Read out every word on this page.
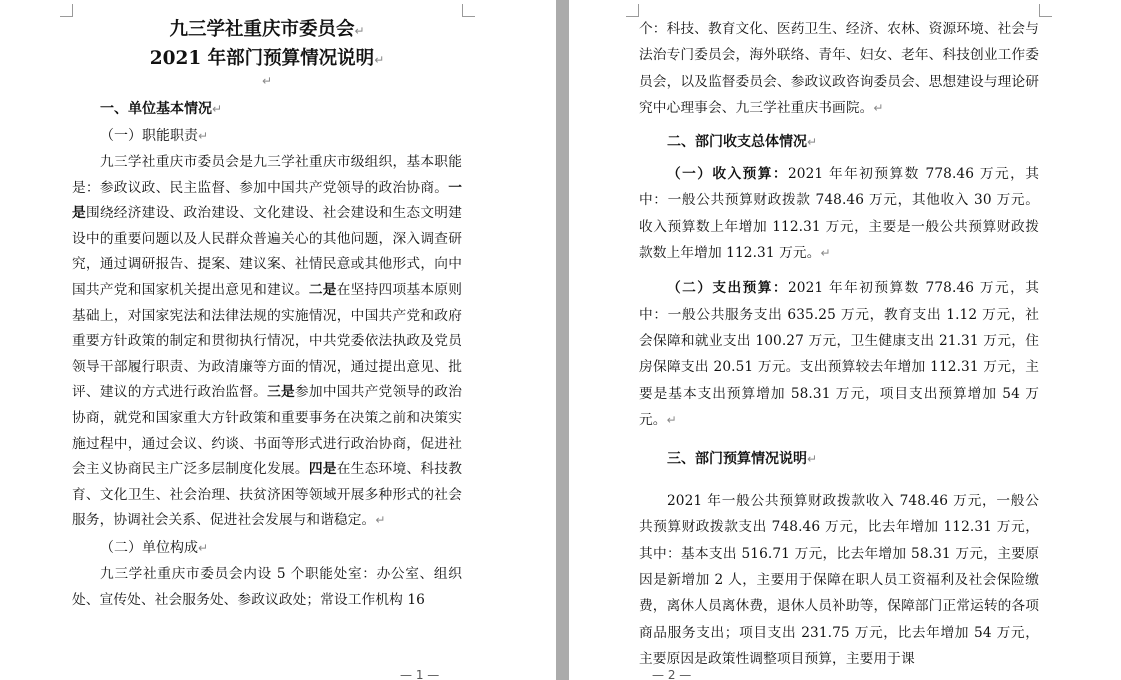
九三学社重庆市委员会↵
2021 年部门预算情况说明↵
↵
一、单位基本情况↵
（一）职能职责↵
九三学社重庆市委员会是九三学社重庆市级组织，基本职能是：参政议政、民主监督、参加中国共产党领导的政治协商。一是围绕经济建设、政治建设、文化建设、社会建设和生态文明建设中的重要问题以及人民群众普遍关心的其他问题，深入调查研究，通过调研报告、提案、建议案、社情民意或其他形式，向中国共产党和国家机关提出意见和建议。二是在坚持四项基本原则基础上，对国家宪法和法律法规的实施情况，中国共产党和政府重要方针政策的制定和贯彻执行情况，中共党委依法执政及党员领导干部履行职责、为政清廉等方面的情况，通过提出意见、批评、建议的方式进行政治监督。三是参加中国共产党领导的政治协商，就党和国家重大方针政策和重要事务在决策之前和决策实施过程中，通过会议、约谈、书面等形式进行政治协商，促进社会主义协商民主广泛多层制度化发展。四是在生态环境、科技教育、文化卫生、社会治理、扶贫济困等领域开展多种形式的社会服务，协调社会关系、促进社会发展与和谐稳定。↵
（二）单位构成↵
九三学社重庆市委员会内设 5 个职能处室：办公室、组织处、宣传处、社会服务处、参政议政处；常设工作机构 16
— 1 —
个：科技、教育文化、医药卫生、经济、农林、资源环境、社会与法治专门委员会，海外联络、青年、妇女、老年、科技创业工作委员会，以及监督委员会、参政议政咨询委员会、思想建设与理论研究中心理事会、九三学社重庆书画院。↵
二、部门收支总体情况↵
（一）收入预算：2021 年年初预算数 778.46 万元，其中：一般公共预算财政拨款 748.46 万元，其他收入 30 万元。收入预算数上年增加 112.31 万元，主要是一般公共预算财政拨款数上年增加 112.31 万元。↵
（二）支出预算：2021 年年初预算数 778.46 万元，其中：一般公共服务支出 635.25 万元，教育支出 1.12 万元，社会保障和就业支出 100.27 万元，卫生健康支出 21.31 万元，住房保障支出 20.51 万元。支出预算较去年增加 112.31 万元，主要是基本支出预算增加 58.31 万元，项目支出预算增加 54 万元。↵
三、部门预算情况说明↵
2021 年一般公共预算财政拨款收入 748.46 万元，一般公共预算财政拨款支出 748.46 万元，比去年增加 112.31 万元，其中：基本支出 516.71 万元，比去年增加 58.31 万元，主要原因是新增加 2 人，主要用于保障在职人员工资福利及社会保险缴费，离休人员离休费，退休人员补助等，保障部门正常运转的各项商品服务支出；项目支出 231.75 万元，比去年增加 54 万元，主要原因是政策性调整项目预算，主要用于课
— 2 —
